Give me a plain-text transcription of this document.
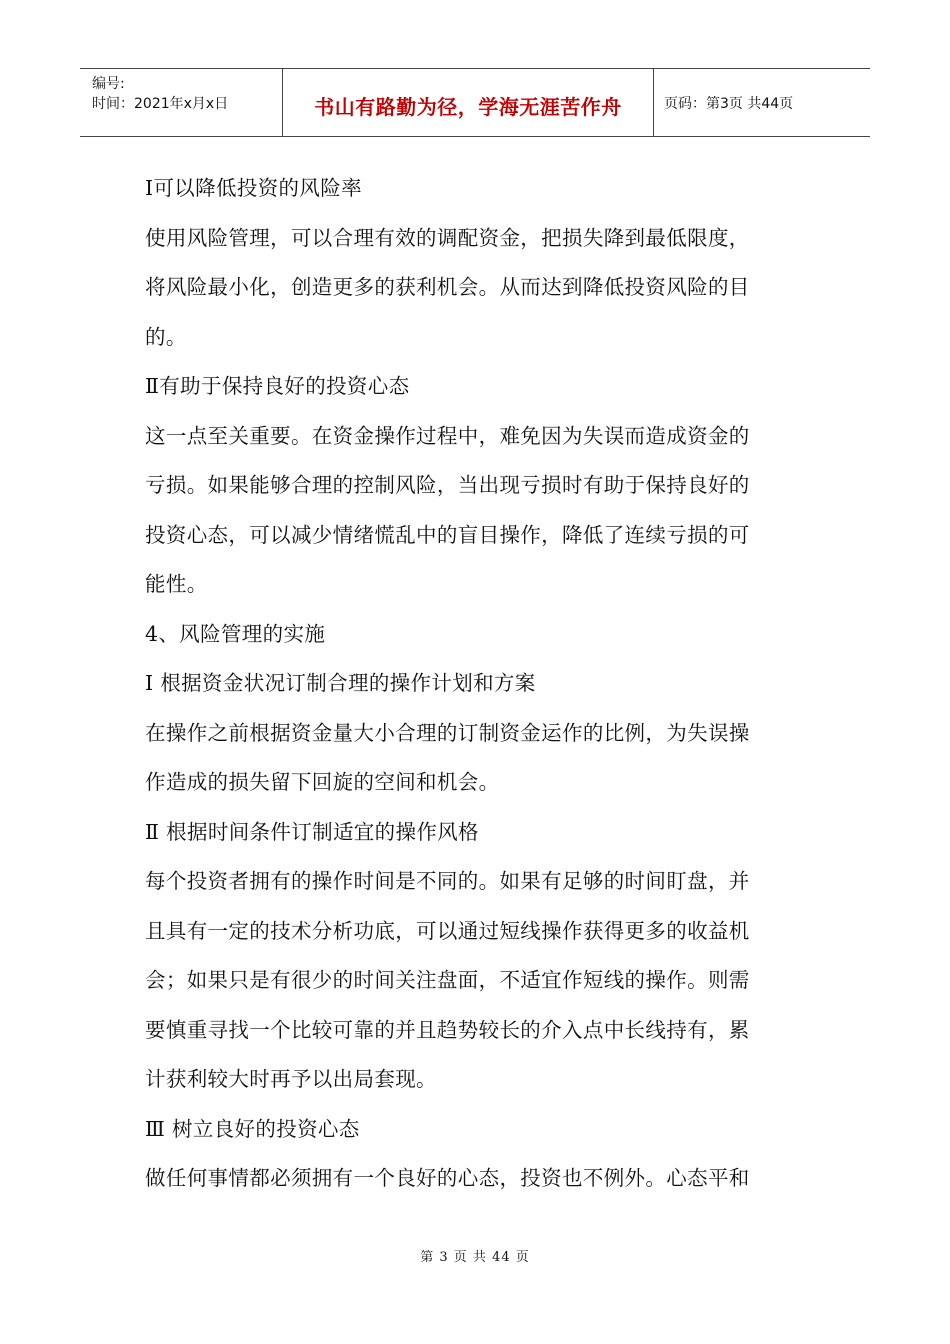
编号:
时间：2021年x月x日	书山有路勤为径，学海无涯苦作舟	页码：第3页 共44页

Ⅰ可以降低投资的风险率

使用风险管理，可以合理有效的调配资金，把损失降到最低限度，

将风险最小化，创造更多的获利机会。从而达到降低投资风险的目

的。

Ⅱ有助于保持良好的投资心态

这一点至关重要。在资金操作过程中，难免因为失误而造成资金的

亏损。如果能够合理的控制风险，当出现亏损时有助于保持良好的

投资心态，可以减少情绪慌乱中的盲目操作，降低了连续亏损的可

能性。

4、风险管理的实施

Ⅰ 根据资金状况订制合理的操作计划和方案

在操作之前根据资金量大小合理的订制资金运作的比例，为失误操

作造成的损失留下回旋的空间和机会。

Ⅱ 根据时间条件订制适宜的操作风格

每个投资者拥有的操作时间是不同的。如果有足够的时间盯盘，并

且具有一定的技术分析功底，可以通过短线操作获得更多的收益机

会；如果只是有很少的时间关注盘面，不适宜作短线的操作。则需

要慎重寻找一个比较可靠的并且趋势较长的介入点中长线持有，累

计获利较大时再予以出局套现。

Ⅲ 树立良好的投资心态

做任何事情都必须拥有一个良好的心态，投资也不例外。心态平和

第 3 页 共 44 页
